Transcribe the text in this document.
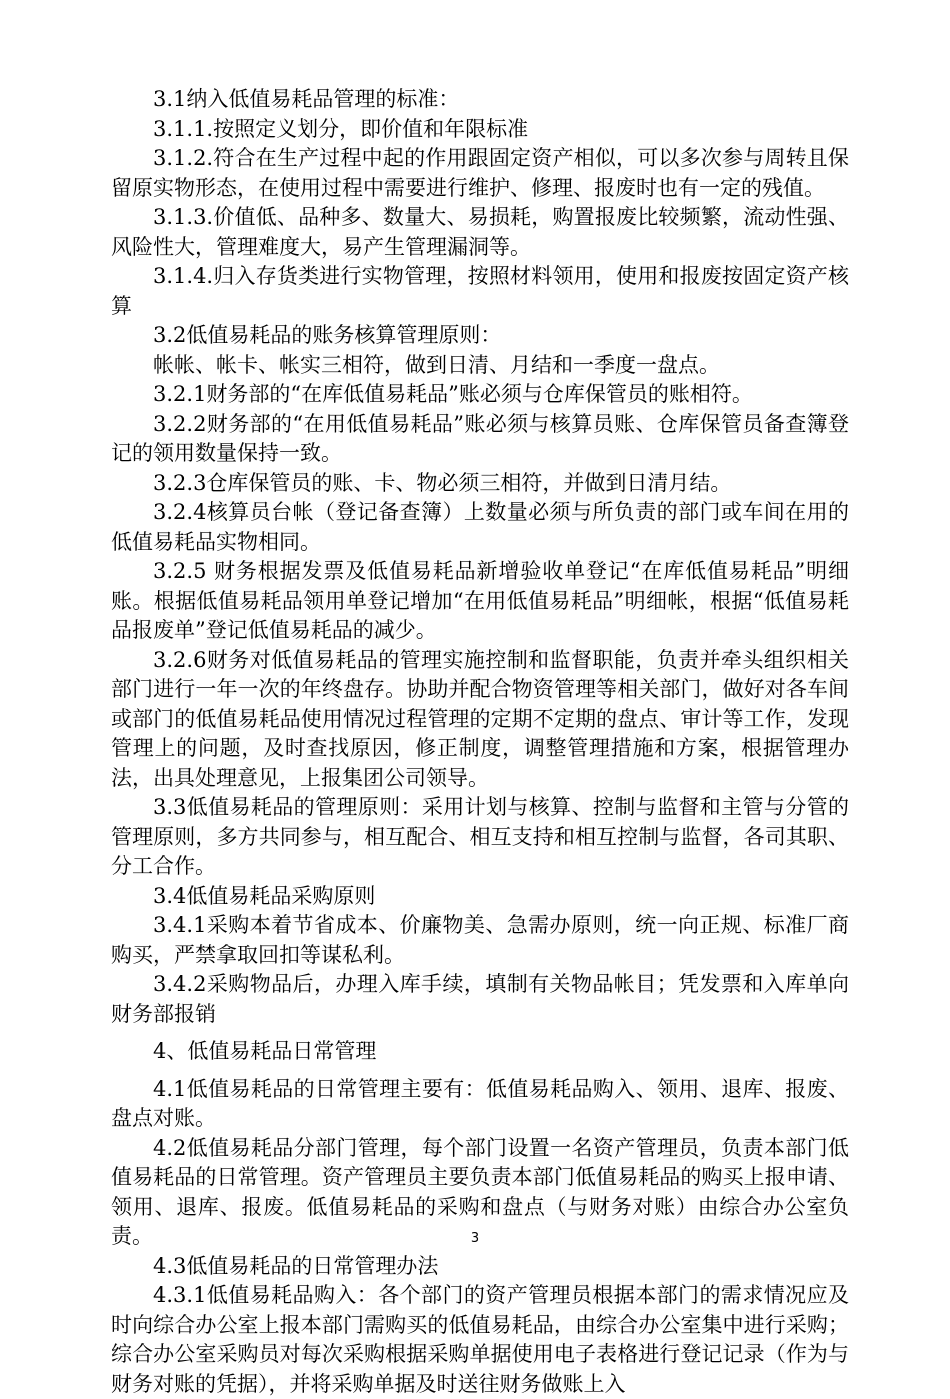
3.1纳入低值易耗品管理的标准：

3.1.1.按照定义划分，即价值和年限标准

3.1.2.符合在生产过程中起的作用跟固定资产相似，可以多次参与周转且保留原实物形态，在使用过程中需要进行维护、修理、报废时也有一定的残值。

3.1.3.价值低、品种多、数量大、易损耗，购置报废比较频繁，流动性强、风险性大，管理难度大，易产生管理漏洞等。

3.1.4.归入存货类进行实物管理，按照材料领用，使用和报废按固定资产核算

3.2低值易耗品的账务核算管理原则：

帐帐、帐卡、帐实三相符，做到日清、月结和一季度一盘点。

3.2.1财务部的“在库低值易耗品”账必须与仓库保管员的账相符。

3.2.2财务部的“在用低值易耗品”账必须与核算员账、仓库保管员备查簿登记的领用数量保持一致。

3.2.3仓库保管员的账、卡、物必须三相符，并做到日清月结。

3.2.4核算员台帐（登记备查簿）上数量必须与所负责的部门或车间在用的低值易耗品实物相同。

3.2.5 财务根据发票及低值易耗品新增验收单登记“在库低值易耗品”明细账。根据低值易耗品领用单登记增加“在用低值易耗品”明细帐，根据“低值易耗品报废单”登记低值易耗品的减少。

3.2.6财务对低值易耗品的管理实施控制和监督职能，负责并牵头组织相关部门进行一年一次的年终盘存。协助并配合物资管理等相关部门，做好对各车间或部门的低值易耗品使用情况过程管理的定期不定期的盘点、审计等工作，发现管理上的问题，及时查找原因，修正制度，调整管理措施和方案，根据管理办法，出具处理意见，上报集团公司领导。

3.3低值易耗品的管理原则：采用计划与核算、控制与监督和主管与分管的管理原则，多方共同参与，相互配合、相互支持和相互控制与监督，各司其职、分工合作。

3.4低值易耗品采购原则

3.4.1采购本着节省成本、价廉物美、急需办原则，统一向正规、标准厂商购买，严禁拿取回扣等谋私利。

3.4.2采购物品后，办理入库手续，填制有关物品帐目；凭发票和入库单向财务部报销

4、低值易耗品日常管理

4.1低值易耗品的日常管理主要有：低值易耗品购入、领用、退库、报废、盘点对账。

4.2低值易耗品分部门管理，每个部门设置一名资产管理员，负责本部门低值易耗品的日常管理。资产管理员主要负责本部门低值易耗品的购买上报申请、领用、退库、报废。低值易耗品的采购和盘点（与财务对账）由综合办公室负责。

4.3低值易耗品的日常管理办法

4.3.1低值易耗品购入：各个部门的资产管理员根据本部门的需求情况应及时向综合办公室上报本部门需购买的低值易耗品，由综合办公室集中进行采购；综合办公室采购员对每次采购根据采购单据使用电子表格进行登记记录（作为与财务对账的凭据），并将采购单据及时送往财务做账上入

3
